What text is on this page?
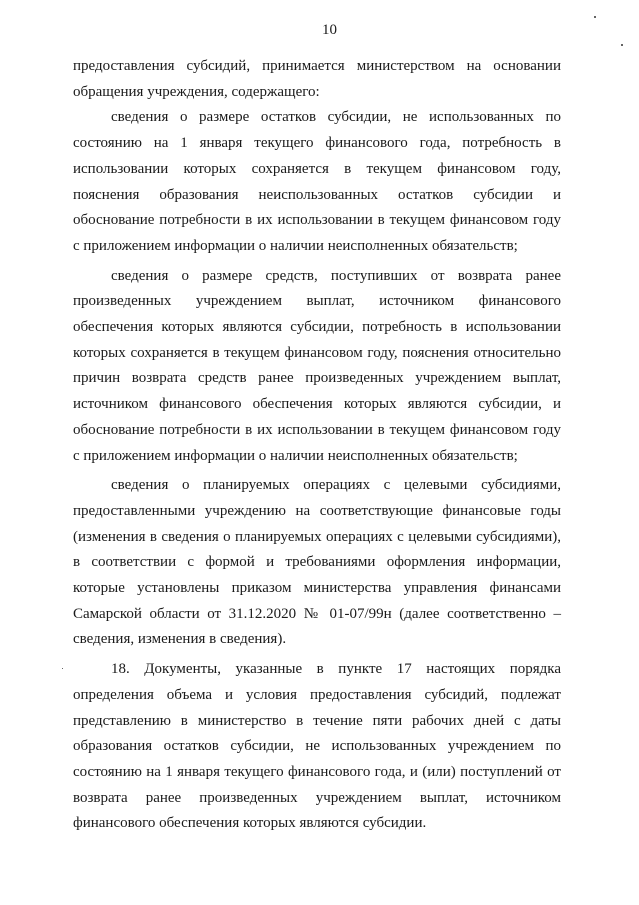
10

предоставления субсидий, принимается министерством на основании обращения учреждения, содержащего:

сведения о размере остатков субсидии, не использованных по состоянию на 1 января текущего финансового года, потребность в использовании которых сохраняется в текущем финансовом году, пояснения образования неиспользованных остатков субсидии и обоснование потребности в их использовании в текущем финансовом году с приложением информации о наличии неисполненных обязательств;

сведения о размере средств, поступивших от возврата ранее произведенных учреждением выплат, источником финансового обеспечения которых являются субсидии, потребность в использовании которых сохраняется в текущем финансовом году, пояснения относительно причин возврата средств ранее произведенных учреждением выплат, источником финансового обеспечения которых являются субсидии, и обоснование потребности в их использовании в текущем финансовом году с приложением информации о наличии неисполненных обязательств;

сведения о планируемых операциях с целевыми субсидиями, предоставленными учреждению на соответствующие финансовые годы (изменения в сведения о планируемых операциях с целевыми субсидиями), в соответствии с формой и требованиями оформления информации, которые установлены приказом министерства управления финансами Самарской области от 31.12.2020 № 01-07/99н (далее соответственно – сведения, изменения в сведения).

18. Документы, указанные в пункте 17 настоящих порядка определения объема и условия предоставления субсидий, подлежат представлению в министерство в течение пяти рабочих дней с даты образования остатков субсидии, не использованных учреждением по состоянию на 1 января текущего финансового года, и (или) поступлений от возврата ранее произведенных учреждением выплат, источником финансового обеспечения которых являются субсидии.
